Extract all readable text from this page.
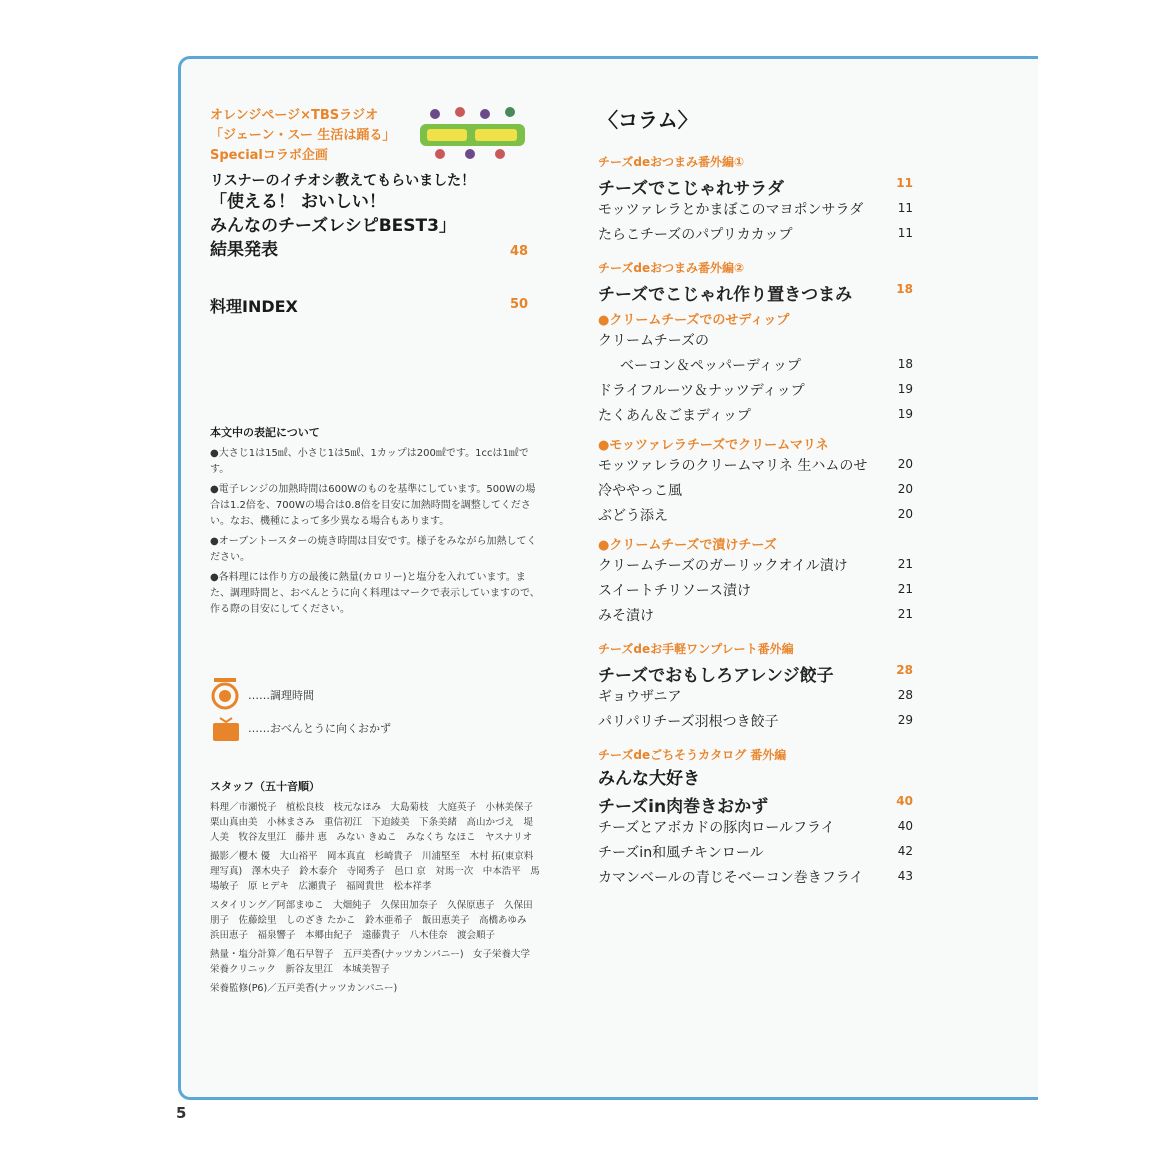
オレンジページ×TBSラジオ
「ジェーン・スー 生活は踊る」
Specialコラボ企画
リスナーのイチオシ教えてもらいました！
「使える！ おいしい！
みんなのチーズレシピBEST3」
結果発表	48
料理INDEX	50
本文中の表記について
●大さじ1は15㎖、小さじ1は5㎖、1カップは200㎖です。1ccは1㎖です。
●電子レンジの加熱時間は600Wのものを基準にしています。500Wの場合は1.2倍を、700Wの場合は0.8倍を目安に加熱時間を調整してください。なお、機種によって多少異なる場合もあります。
●オーブントースターの焼き時間は目安です。様子をみながら加熱してください。
●各料理には作り方の最後に熱量(カロリー)と塩分を入れています。また、調理時間と、おべんとうに向く料理はマークで表示していますので、作る際の目安にしてください。
……調理時間
……おべんとうに向くおかず
スタッフ（五十音順）
料理／市瀬悦子　植松良枝　枝元なほみ　大島菊枝　大庭英子　小林美保子　栗山真由美　小林まさみ　重信初江　下迫綾美　下条美緒　高山かづえ　堤 人美　牧谷友里江　藤井 恵　みない きぬこ　みなくち なほこ　ヤスナリオ
撮影／櫻木 優　大山裕平　岡本真直　杉崎貴子　川浦堅至　木村 拓(東京料理写真)　澤木央子　鈴木泰介　寺岡秀子　邑口 京　対馬一次　中本浩平　馬場敏子　原 ヒデキ　広瀬貴子　福岡貴世　松本祥孝
スタイリング／阿部まゆこ　大畑純子　久保田加奈子　久保原恵子　久保田朋子　佐藤絵里　しのざき たかこ　鈴木亜希子　飯田恵美子　高橋あゆみ　浜田恵子　福泉響子　本郷由紀子　遠藤貴子　八木佳奈　渡会順子
熱量・塩分計算／亀石早智子　五戸美香(ナッツカンパニー)　女子栄養大学 栄養クリニック　新谷友里江　本城美智子
栄養監修(P6)／五戸美香(ナッツカンパニー)
〈コラム〉
チーズdeおつまみ番外編①
チーズでこじゃれサラダ	11
モッツァレラとかまぼこのマヨポンサラダ	11
たらこチーズのパプリカカップ	11
チーズdeおつまみ番外編②
チーズでこじゃれ作り置きつまみ	18
●クリームチーズでのせディップ
クリームチーズの
ベーコン＆ペッパーディップ	18
ドライフルーツ＆ナッツディップ	19
たくあん＆ごまディップ	19
●モッツァレラチーズでクリームマリネ
モッツァレラのクリームマリネ 生ハムのせ	20
冷ややっこ風	20
ぶどう添え	20
●クリームチーズで漬けチーズ
クリームチーズのガーリックオイル漬け	21
スイートチリソース漬け	21
みそ漬け	21
チーズdeお手軽ワンプレート番外編
チーズでおもしろアレンジ餃子	28
ギョウザニア	28
パリパリチーズ羽根つき餃子	29
チーズdeごちそうカタログ 番外編
みんな大好き
チーズin肉巻きおかず	40
チーズとアボカドの豚肉ロールフライ	40
チーズin和風チキンロール	42
カマンベールの青じそベーコン巻きフライ	43
5
